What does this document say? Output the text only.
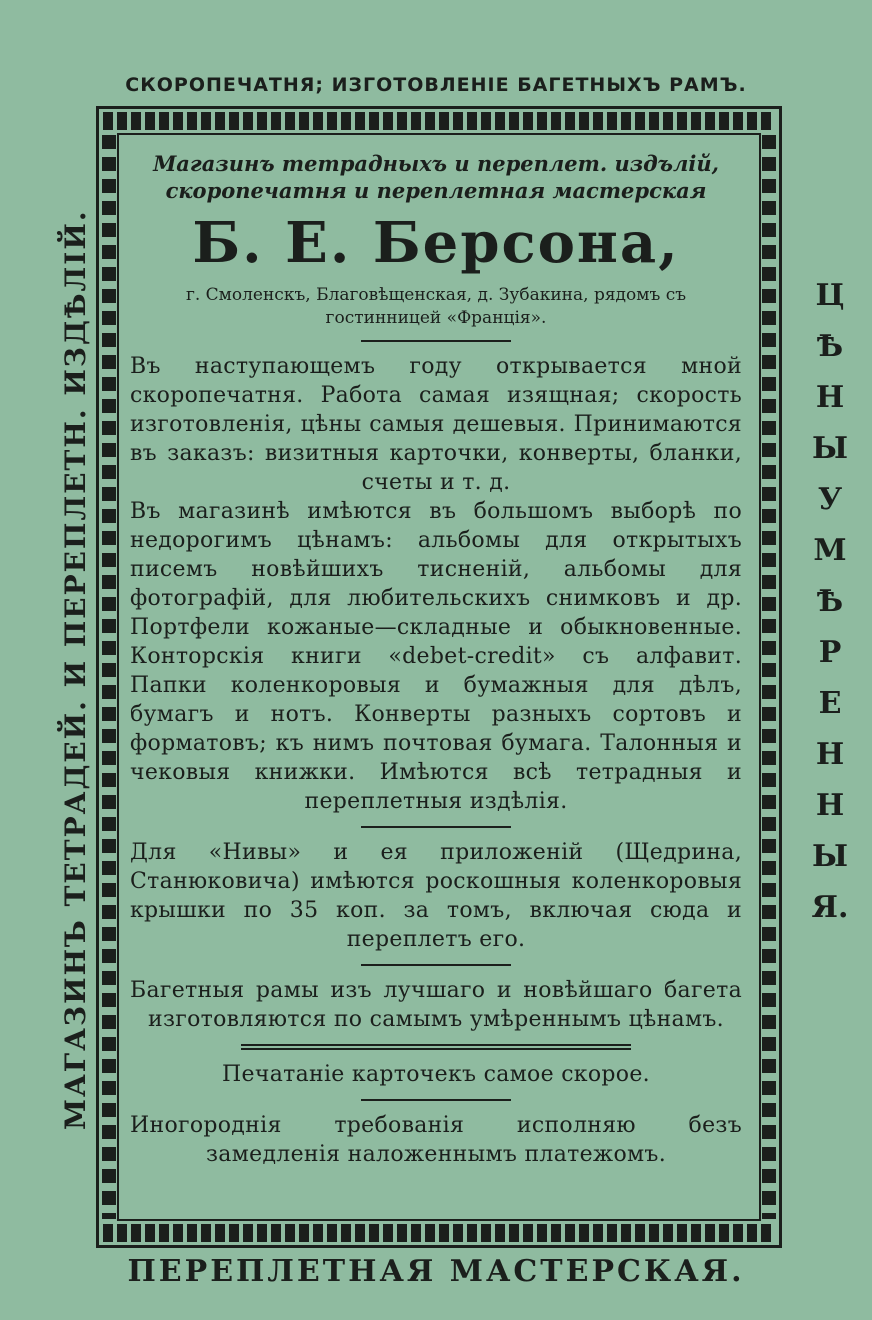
СКОРОПЕЧАТНЯ; ИЗГОТОВЛЕНІЕ БАГЕТНЫХЪ РАМЪ.
МАГАЗИНЪ ТЕТРАДЕЙ. И ПЕРЕПЛЕТН. ИЗДѢЛІЙ.	Ц
Ѣ
Н
Ы
У
М
Ѣ
Р
Е
Н
Н
Ы
Я.
Магазинъ тетрадныхъ и переплет. издълій,
скоропечатня и переплетная мастерская
Б. Е. Берсона,
г. Смоленскъ, Благовѣщенская, д. Зубакина, рядомъ съ гостинницей «Франція».
Въ наступающемъ году открывается мной скоропечатня. Работа самая изящная; скорость изготовленія, цѣны самыя дешевыя. Принимаются въ заказъ: визитныя карточки, конверты, бланки, счеты и т. д.
Въ магазинѣ имѣются въ большомъ выборѣ по недорогимъ цѣнамъ: альбомы для открытыхъ писемъ новѣйшихъ тисненій, альбомы для фотографій, для любительскихъ снимковъ и др. Портфели кожаные—складные и обыкновенные. Конторскія книги «debet-credit» съ алфавит. Папки коленкоровыя и бумажныя для дѣлъ, бумагъ и нотъ. Конверты разныхъ сортовъ и форматовъ; къ нимъ почтовая бумага. Талонныя и чековыя книжки. Имѣются всѣ тетрадныя и переплетныя издѣлія.
Для «Нивы» и ея приложеній (Щедрина, Станюковича) имѣются роскошныя коленкоровыя крышки по 35 коп. за томъ, включая сюда и переплетъ его.
Багетныя рамы изъ лучшаго и новѣйшаго багета изготовляются по самымъ умѣреннымъ цѣнамъ.
Печатаніе карточекъ самое скорое.
Иногороднія требованія исполняю безъ замедленія наложеннымъ платежомъ.
ПЕРЕПЛЕТНАЯ МАСТЕРСКАЯ.
